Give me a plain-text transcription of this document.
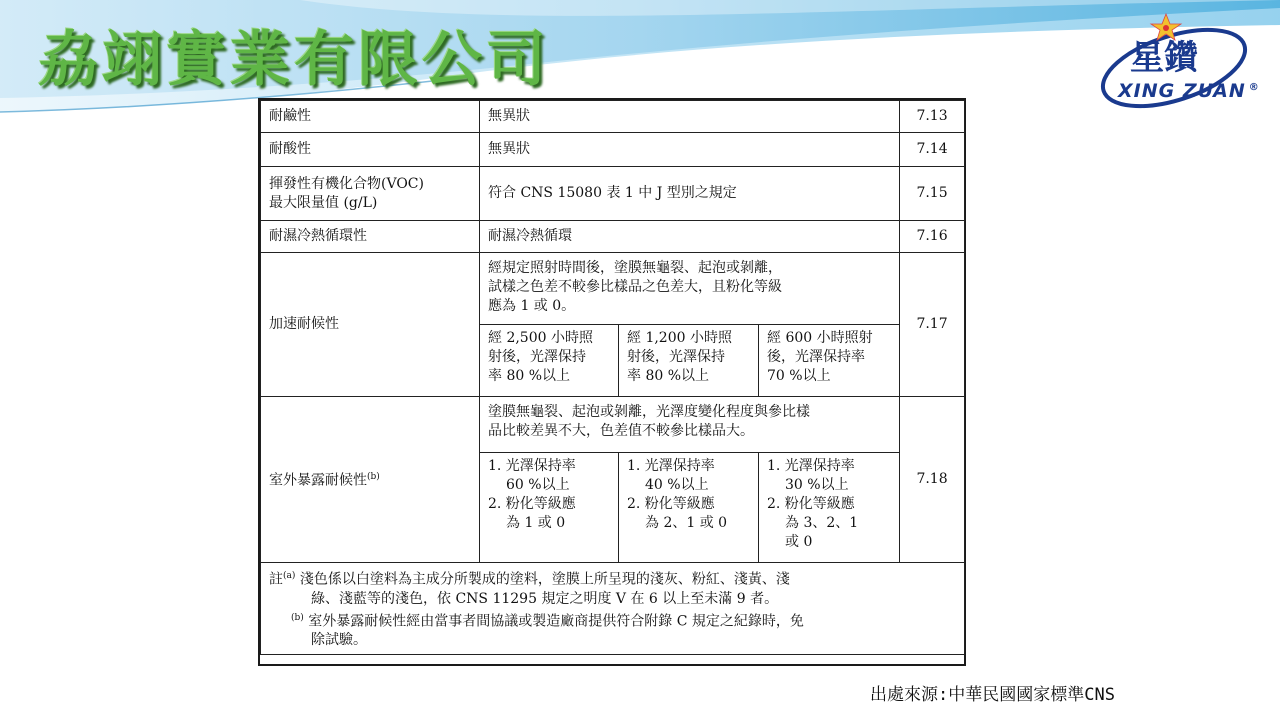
劦翊實業有限公司	星鑽
XING ZUAN ®
耐鹼性	無異狀			7.13
耐酸性	無異狀			7.14

揮發性有機化合物(VOC)
最大限量值 (g/L)	符合 CNS 15080 表 1 中 J 型別之規定			7.15
耐濕冷熱循環性	耐濕冷熱循環			7.16
加速耐候性	經規定照射時間後，塗膜無龜裂、起泡或剝離，
試樣之色差不較參比樣品之色差大，且粉化等級
應為 1 或 0。			7.17

	經 2,500 小時照
射後，光澤保持
率 80 %以上	經 1,200 小時照
射後，光澤保持
率 80 %以上	經 600 小時照射
後，光澤保持率
70 %以上	

室外暴露耐候性$^{(b)}$	塗膜無龜裂、起泡或剝離，光澤度變化程度與參比樣
品比較差異不大，色差值不較參比樣品大。			7.18

	1. 光澤保持率
60 %以上
2. 粉化等級應
為 1 或 0	1. 光澤保持率
40 %以上
2. 粉化等級應
為 2、1 或 0	1. 光澤保持率
30 %以上
2. 粉化等級應
為 3、2、1
或 0	

註$^{(a)}$ 淺色係以白塗料為主成分所製成的塗料，塗膜上所呈現的淺灰、粉紅、淺黃、淺
綠、淺藍等的淺色，依 CNS 11295 規定之明度 V 在 6 以上至未滿 9 者。
$^{(b)}$ 室外暴露耐候性經由當事者間協議或製造廠商提供符合附錄 C 規定之紀錄時，免
除試驗。				
出處來源:中華民國國家標準CNS
